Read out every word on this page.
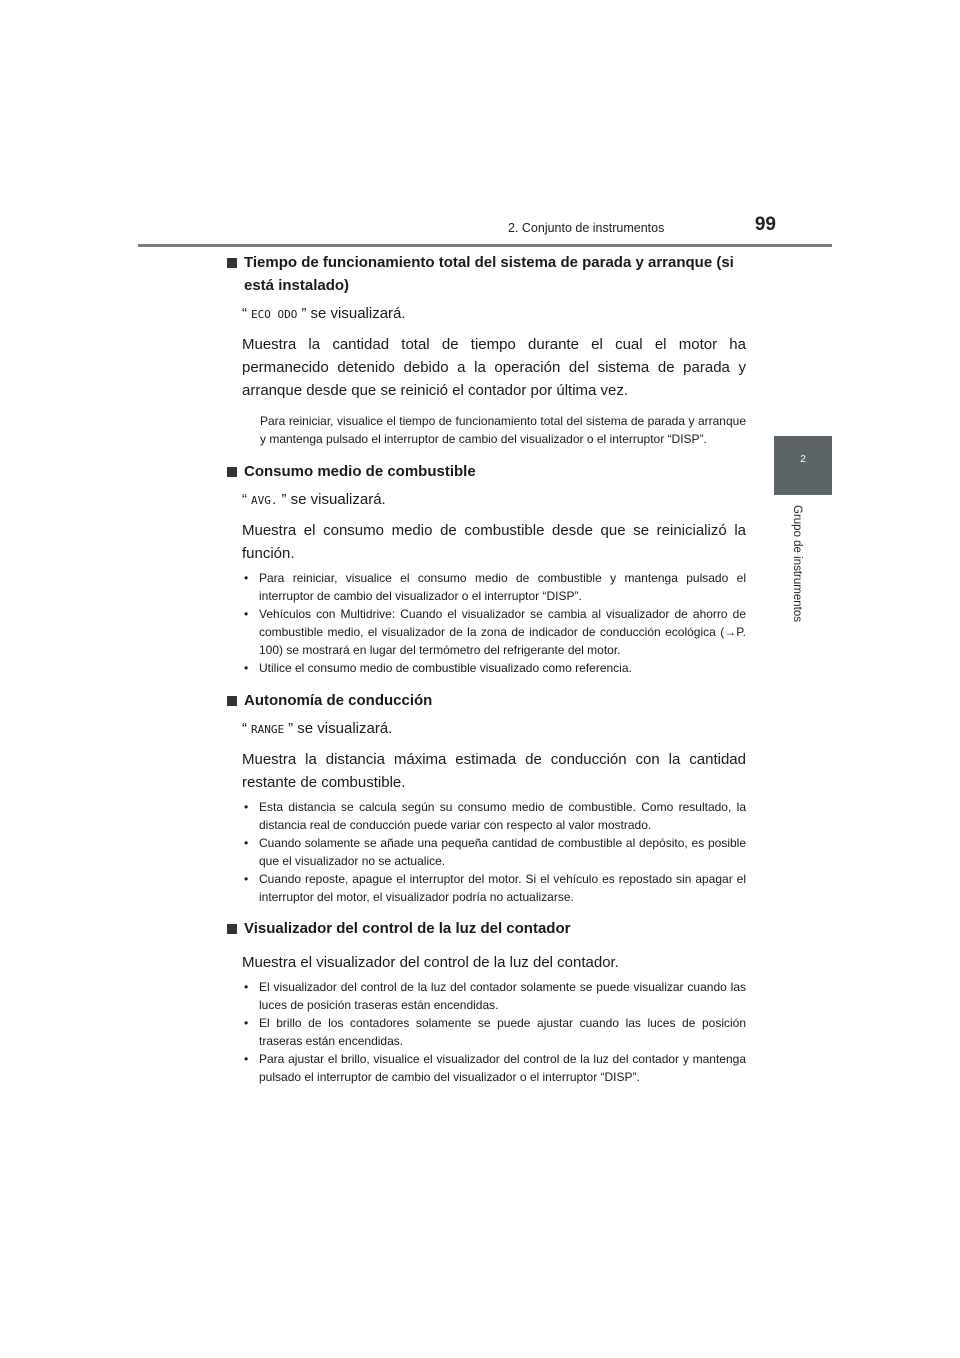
2. Conjunto de instrumentos	99
2
Grupo de instrumentos
Tiempo de funcionamiento total del sistema de parada y arranque (si está instalado)

“ ECO ODO ” se visualizará.

Muestra la cantidad total de tiempo durante el cual el motor ha permanecido detenido debido a la operación del sistema de parada y arranque desde que se reinició el contador por última vez.

Para reiniciar, visualice el tiempo de funcionamiento total del sistema de parada y arranque y mantenga pulsado el interruptor de cambio del visualizador o el interruptor “DISP”.

Consumo medio de combustible

“ AVG. ” se visualizará.

Muestra el consumo medio de combustible desde que se reinicializó la función.

• Para reiniciar, visualice el consumo medio de combustible y mantenga pulsado el interruptor de cambio del visualizador o el interruptor “DISP”.
• Vehículos con Multidrive: Cuando el visualizador se cambia al visualizador de ahorro de combustible medio, el visualizador de la zona de indicador de conducción ecológica (→P. 100) se mostrará en lugar del termómetro del refrigerante del motor.
• Utilice el consumo medio de combustible visualizado como referencia.
Autonomía de conducción

“ RANGE ” se visualizará.

Muestra la distancia máxima estimada de conducción con la cantidad restante de combustible.

• Esta distancia se calcula según su consumo medio de combustible. Como resultado, la distancia real de conducción puede variar con respecto al valor mostrado.
• Cuando solamente se añade una pequeña cantidad de combustible al depósito, es posible que el visualizador no se actualice.
• Cuando reposte, apague el interruptor del motor. Si el vehículo es repostado sin apagar el interruptor del motor, el visualizador podría no actualizarse.
Visualizador del control de la luz del contador

Muestra el visualizador del control de la luz del contador.

• El visualizador del control de la luz del contador solamente se puede visualizar cuando las luces de posición traseras están encendidas.
• El brillo de los contadores solamente se puede ajustar cuando las luces de posición traseras están encendidas.
• Para ajustar el brillo, visualice el visualizador del control de la luz del contador y mantenga pulsado el interruptor de cambio del visualizador o el interruptor “DISP”.
